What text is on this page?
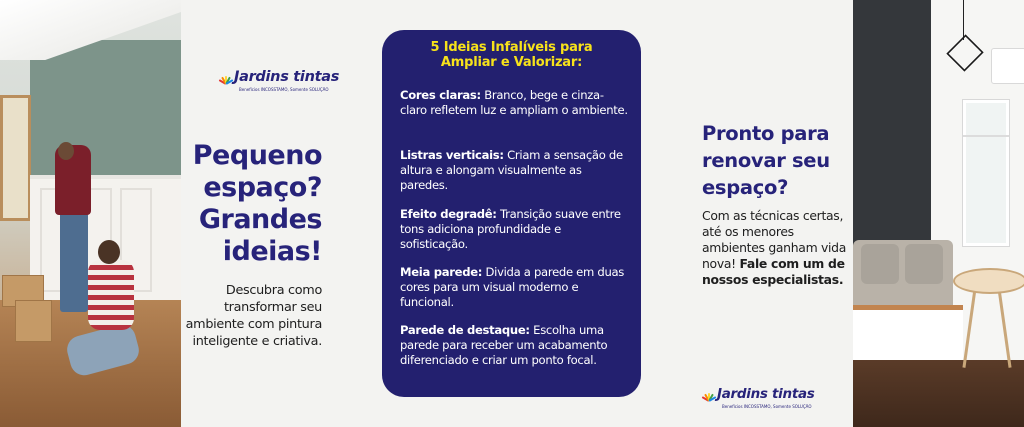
Jardins tintas
Benefícios INCOSSTAMO, Somente SOLUÇÃO
Pequeno
espaço?
Grandes
ideias!

Descubra como transformar seu ambiente com pintura inteligente e criativa.

5 Ideias Infalíveis para
Ampliar e Valorizar:

Cores claras: Branco, bege e cinza-claro refletem luz e ampliam o ambiente.

Listras verticais: Criam a sensação de altura e alongam visualmente as paredes.

Efeito degradê: Transição suave entre tons adiciona profundidade e sofisticação.

Meia parede: Divida a parede em duas cores para um visual moderno e funcional.

Parede de destaque: Escolha uma parede para receber um acabamento diferenciado e criar um ponto focal.

Pronto para
renovar seu
espaço?

Com as técnicas certas, até os menores ambientes ganham vida nova! Fale com um de nossos especialistas.

Jardins tintas
Benefícios INCOSSTAMO, Somente SOLUÇÃO
